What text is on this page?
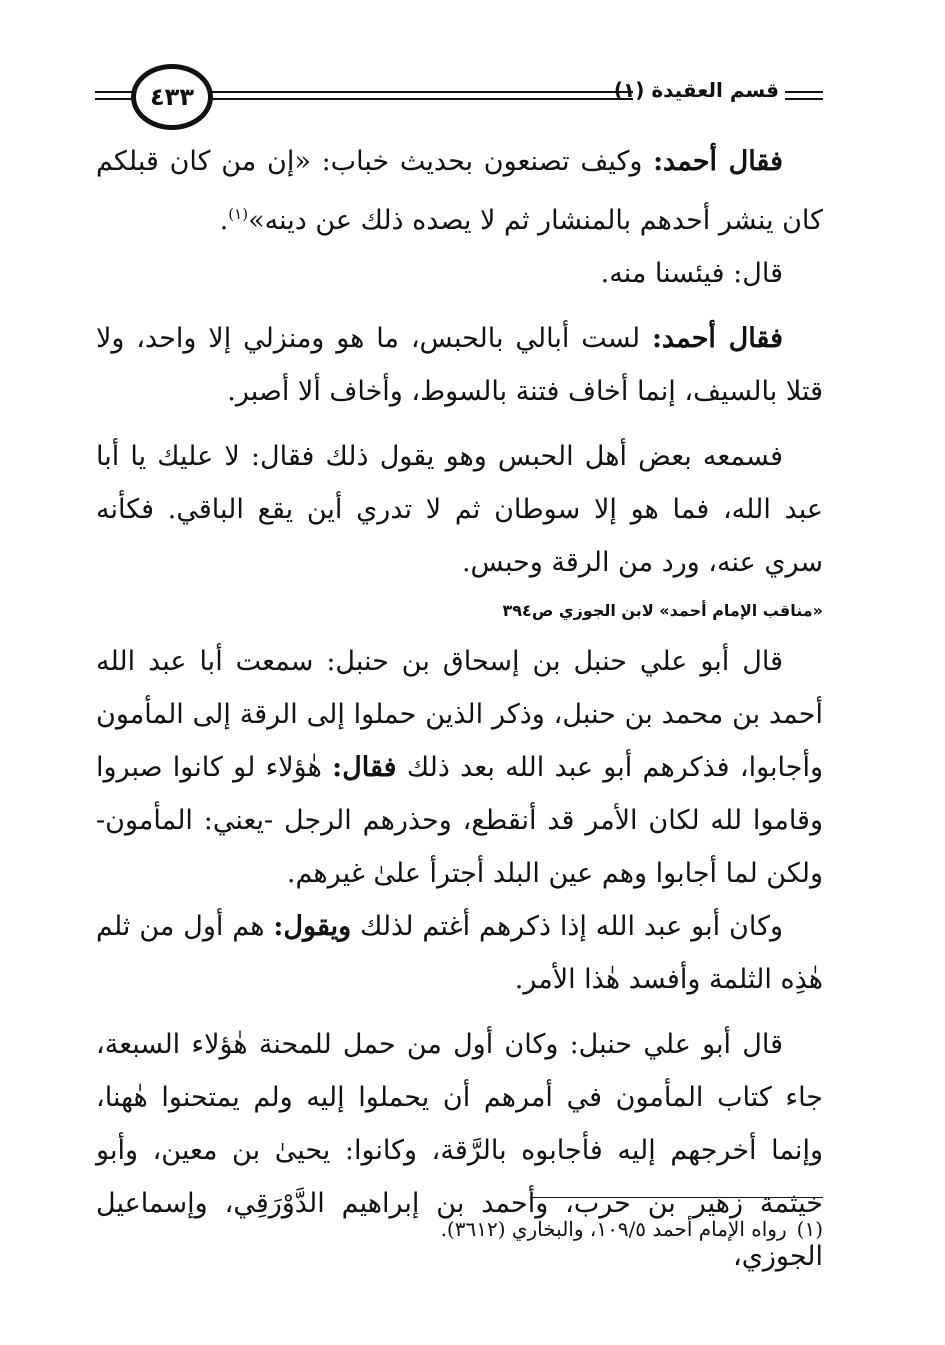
قسم العقيدة (١)
٤٣٣

فقال أحمد: وكيف تصنعون بحديث خباب: «إن من كان قبلكم كان ينشر أحدهم بالمنشار ثم لا يصده ذلك عن دينه»$^{(١)}$.

قال: فيئسنا منه.

فقال أحمد: لست أبالي بالحبس، ما هو ومنزلي إلا واحد، ولا قتلا بالسيف، إنما أخاف فتنة بالسوط، وأخاف ألا أصبر.

فسمعه بعض أهل الحبس وهو يقول ذلك فقال: لا عليك يا أبا عبد الله، فما هو إلا سوطان ثم لا تدري أين يقع الباقي. فكأنه سري عنه، ورد من الرقة وحبس.

«مناقب الإمام أحمد» لابن الجوزي ص٣٩٤

قال أبو علي حنبل بن إسحاق بن حنبل: سمعت أبا عبد الله أحمد بن محمد بن حنبل، وذكر الذين حملوا إلى الرقة إلى المأمون وأجابوا، فذكرهم أبو عبد الله بعد ذلك فقال: هٰؤلاء لو كانوا صبروا وقاموا لله لكان الأمر قد أنقطع، وحذرهم الرجل -يعني: المأمون- ولكن لما أجابوا وهم عين البلد أجترأ علىٰ غيرهم.

وكان أبو عبد الله إذا ذكرهم أغتم لذلك ويقول: هم أول من ثلم هٰذِه الثلمة وأفسد هٰذا الأمر.

قال أبو علي حنبل: وكان أول من حمل للمحنة هٰؤلاء السبعة، جاء كتاب المأمون في أمرهم أن يحملوا إليه ولم يمتحنوا هٰهنا، وإنما أخرجهم إليه فأجابوه بالرَّقة، وكانوا: يحيىٰ بن معين، وأبو خيثمة زهير بن حرب، وأحمد بن إبراهيم الدَّوْرَقِي، وإسماعيل الجوزي،

(١)رواه الإمام أحمد ١٠٩/٥، والبخاري (٣٦١٢).
